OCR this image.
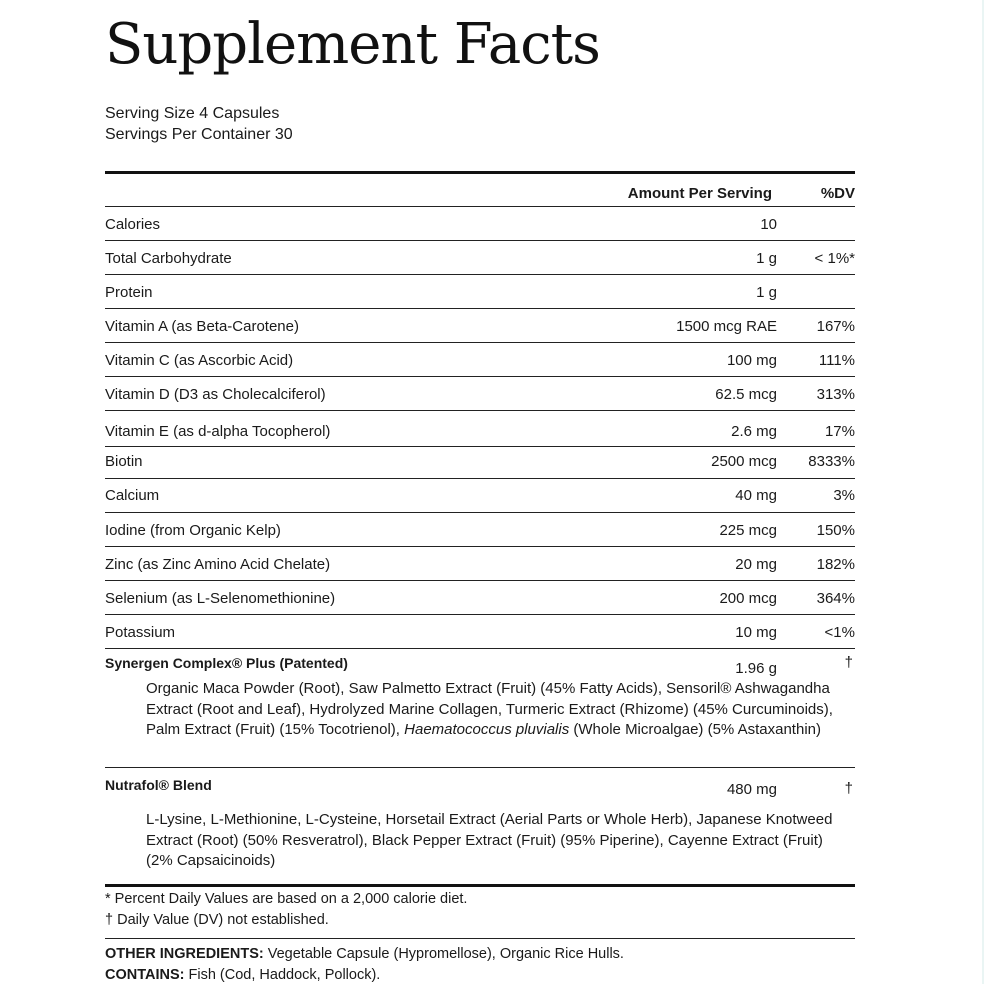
Supplement Facts
Serving Size 4 Capsules
Servings Per Container 30
Amount Per Serving	%DV
Calories	10
Total Carbohydrate	1 g	< 1%*
Protein	1 g
Vitamin A (as Beta-Carotene)	1500 mcg RAE	167%
Vitamin C (as Ascorbic Acid)	100 mg	111%
Vitamin D (D3 as Cholecalciferol)	62.5 mcg	313%
Vitamin E (as d-alpha Tocopherol)	2.6 mg	17%
Biotin	2500 mcg 8333%
Calcium	40 mg	3%
Iodine (from Organic Kelp)	225 mcg	150%
Zinc (as Zinc Amino Acid Chelate)	20 mg	182%
Selenium (as L-Selenomethionine)	200 mcg	364%
Potassium	10 mg	<1%
Synergen Complex® Plus (Patented)	1.96 g	†
Organic Maca Powder (Root), Saw Palmetto Extract (Fruit) (45% Fatty Acids), Sensoril® Ashwagandha Extract (Root and Leaf), Hydrolyzed Marine Collagen, Turmeric Extract (Rhizome) (45% Curcuminoids), Palm Extract (Fruit) (15% Tocotrienol), Haematococcus pluvialis (Whole Microalgae) (5% Astaxanthin)
Nutrafol® Blend	480 mg	†
L-Lysine, L-Methionine, L-Cysteine, Horsetail Extract (Aerial Parts or Whole Herb), Japanese Knotweed Extract (Root) (50% Resveratrol), Black Pepper Extract (Fruit) (95% Piperine), Cayenne Extract (Fruit) (2% Capsaicinoids)
* Percent Daily Values are based on a 2,000 calorie diet.
† Daily Value (DV) not established.
OTHER INGREDIENTS: Vegetable Capsule (Hypromellose), Organic Rice Hulls.
CONTAINS: Fish (Cod, Haddock, Pollock).
